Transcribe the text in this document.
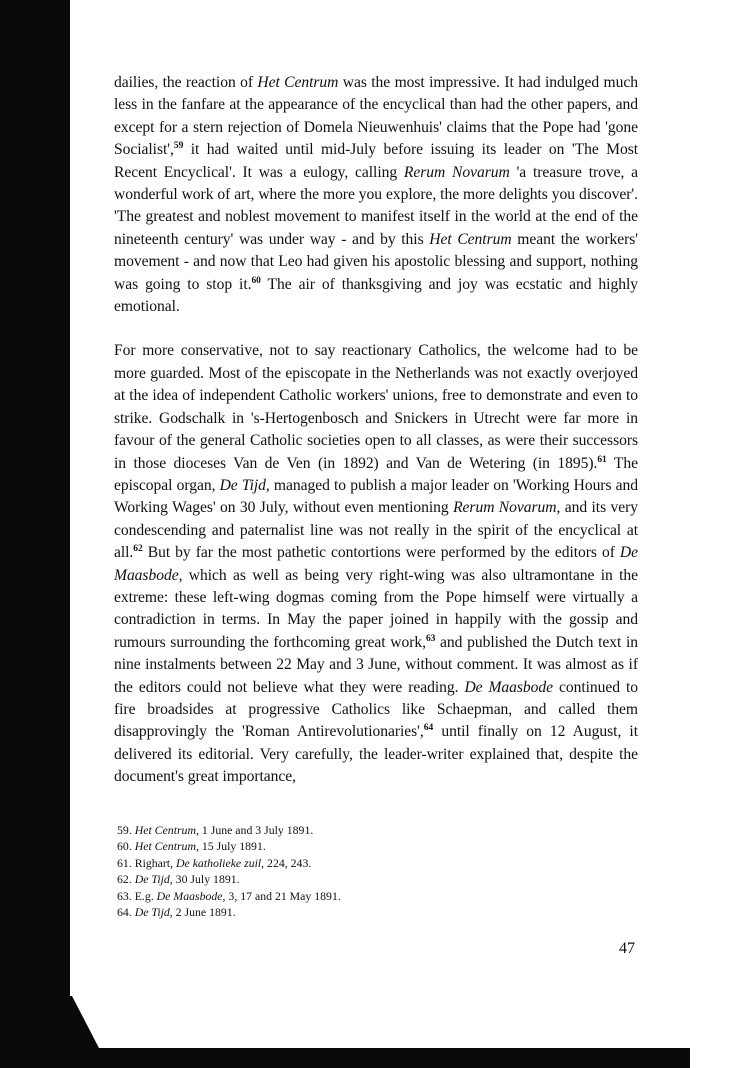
dailies, the reaction of Het Centrum was the most impressive. It had indulged much less in the fanfare at the appearance of the encyclical than had the other papers, and except for a stern rejection of Domela Nieuwenhuis' claims that the Pope had 'gone Socialist',$^{59}$ it had waited until mid-July before issuing its leader on 'The Most Recent Encyclical'. It was a eulogy, calling Rerum Novarum 'a treasure trove, a wonderful work of art, where the more you explore, the more delights you discover'. 'The greatest and noblest movement to manifest itself in the world at the end of the nineteenth century' was under way - and by this Het Centrum meant the workers' movement - and now that Leo had given his apostolic blessing and support, nothing was going to stop it.$^{60}$ The air of thanksgiving and joy was ecstatic and highly emotional.

For more conservative, not to say reactionary Catholics, the welcome had to be more guarded. Most of the episcopate in the Netherlands was not exactly overjoyed at the idea of independent Catholic workers' unions, free to demonstrate and even to strike. Godschalk in 's-Hertogenbosch and Snickers in Utrecht were far more in favour of the general Catholic societies open to all classes, as were their successors in those dioceses Van de Ven (in 1892) and Van de Wetering (in 1895).$^{61}$ The episcopal organ, De Tijd, managed to publish a major leader on 'Working Hours and Working Wages' on 30 July, without even mentioning Rerum Novarum, and its very condescending and paternalist line was not really in the spirit of the encyclical at all.$^{62}$ But by far the most pathetic contortions were performed by the editors of De Maasbode, which as well as being very right-wing was also ultramontane in the extreme: these left-wing dogmas coming from the Pope himself were virtually a contradiction in terms. In May the paper joined in happily with the gossip and rumours surrounding the forthcoming great work,$^{63}$ and published the Dutch text in nine instalments between 22 May and 3 June, without comment. It was almost as if the editors could not believe what they were reading. De Maasbode continued to fire broadsides at progressive Catholics like Schaepman, and called them disapprovingly the 'Roman Antirevolutionaries',$^{64}$ until finally on 12 August, it delivered its editorial. Very carefully, the leader-writer explained that, despite the document's great importance,

59. Het Centrum, 1 June and 3 July 1891.

60. Het Centrum, 15 July 1891.

61. Righart, De katholieke zuil, 224, 243.

62. De Tijd, 30 July 1891.

63. E.g. De Maasbode, 3, 17 and 21 May 1891.

64. De Tijd, 2 June 1891.

47
